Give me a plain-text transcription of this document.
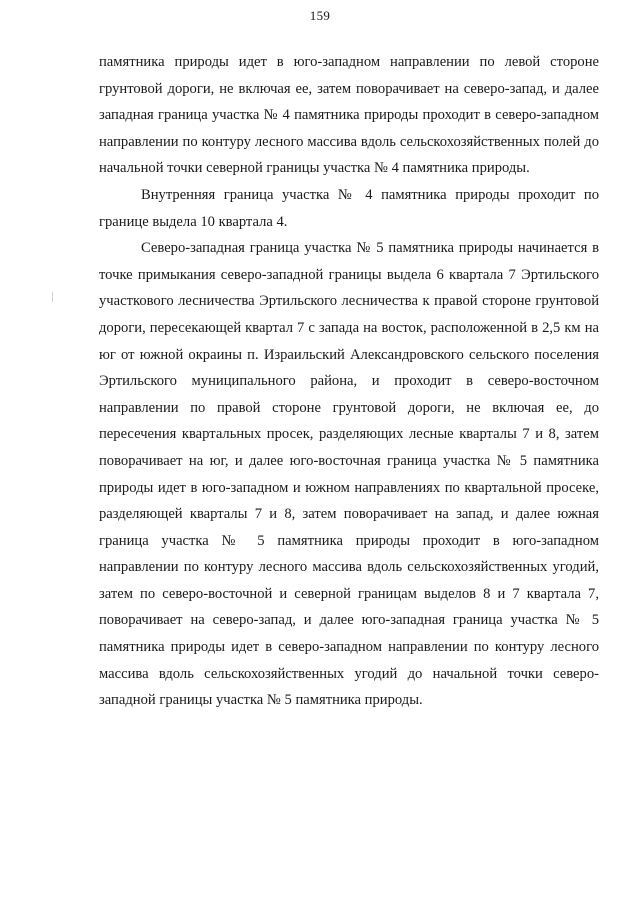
159

памятника природы идет в юго-западном направлении по левой стороне грунтовой дороги, не включая ее, затем поворачивает на северо-запад, и далее западная граница участка № 4 памятника природы проходит в северо-западном направлении по контуру лесного массива вдоль сельскохозяйственных полей до начальной точки северной границы участка № 4 памятника природы.

Внутренняя граница участка № 4 памятника природы проходит по границе выдела 10 квартала 4.

Северо-западная граница участка № 5 памятника природы начинается в точке примыкания северо-западной границы выдела 6 квартала 7 Эртильского участкового лесничества Эртильского лесничества к правой стороне грунтовой дороги, пересекающей квартал 7 с запада на восток, расположенной в 2,5 км на юг от южной окраины п. Израильский Александровского сельского поселения Эртильского муниципального района, и проходит в северо-восточном направлении по правой стороне грунтовой дороги, не включая ее, до пересечения квартальных просек, разделяющих лесные кварталы 7 и 8, затем поворачивает на юг, и далее юго-восточная граница участка № 5 памятника природы идет в юго-западном и южном направлениях по квартальной просеке, разделяющей кварталы 7 и 8, затем поворачивает на запад, и далее южная граница участка № 5 памятника природы проходит в юго-западном направлении по контуру лесного массива вдоль сельскохозяйственных угодий, затем по северо-восточной и северной границам выделов 8 и 7 квартала 7, поворачивает на северо-запад, и далее юго-западная граница участка № 5 памятника природы идет в северо-западном направлении по контуру лесного массива вдоль сельскохозяйственных угодий до начальной точки северо-западной границы участка № 5 памятника природы.
